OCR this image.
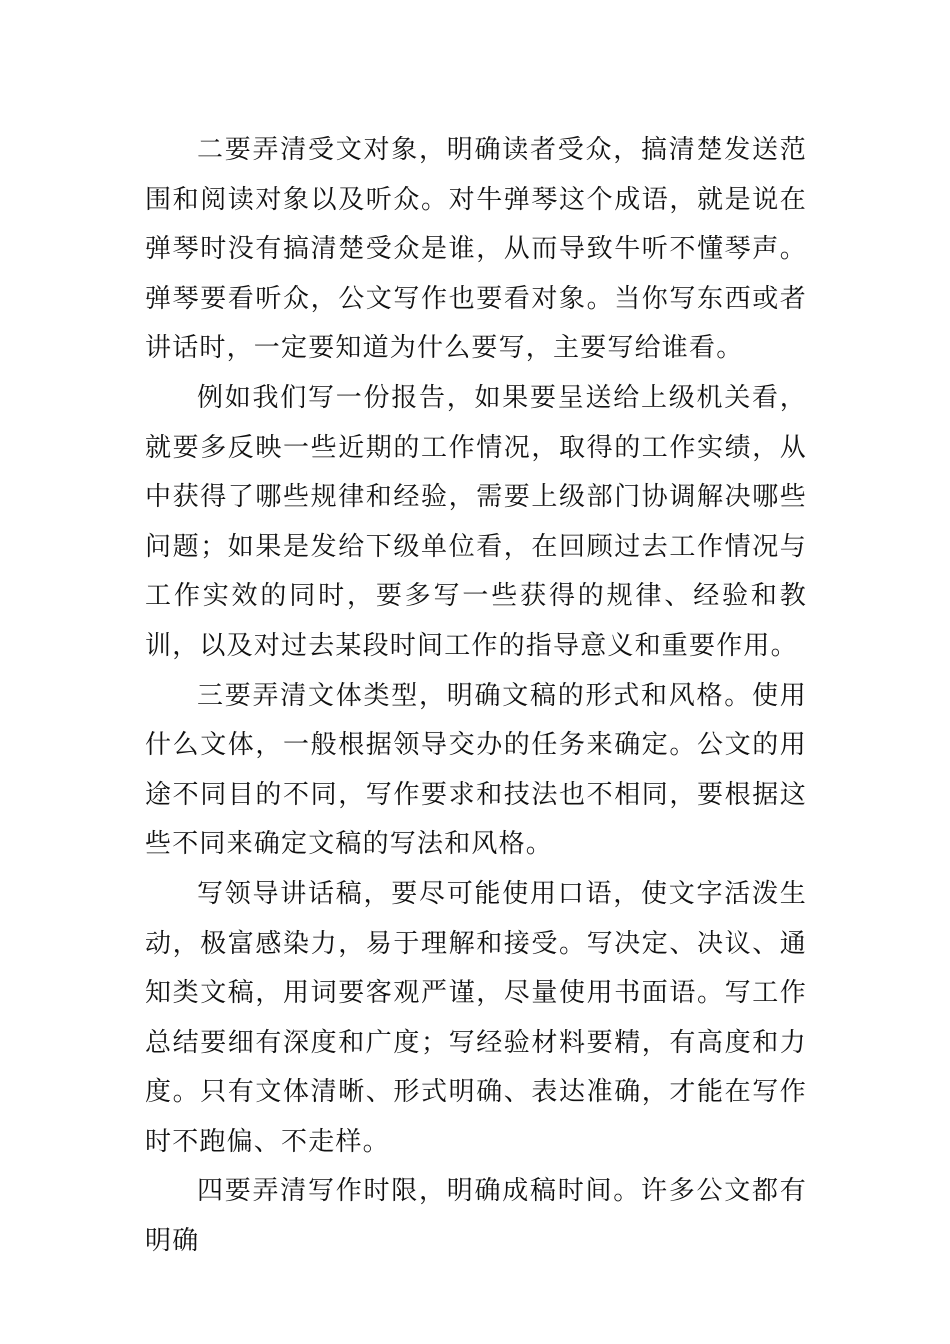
二要弄清受文对象，明确读者受众，搞清楚发送范围和阅读对象以及听众。对牛弹琴这个成语，就是说在弹琴时没有搞清楚受众是谁，从而导致牛听不懂琴声。弹琴要看听众，公文写作也要看对象。当你写东西或者讲话时，一定要知道为什么要写，主要写给谁看。

例如我们写一份报告，如果要呈送给上级机关看，就要多反映一些近期的工作情况，取得的工作实绩，从中获得了哪些规律和经验，需要上级部门协调解决哪些问题；如果是发给下级单位看，在回顾过去工作情况与工作实效的同时，要多写一些获得的规律、经验和教训，以及对过去某段时间工作的指导意义和重要作用。

三要弄清文体类型，明确文稿的形式和风格。使用什么文体，一般根据领导交办的任务来确定。公文的用途不同目的不同，写作要求和技法也不相同，要根据这些不同来确定文稿的写法和风格。

写领导讲话稿，要尽可能使用口语，使文字活泼生动，极富感染力，易于理解和接受。写决定、决议、通知类文稿，用词要客观严谨，尽量使用书面语。写工作总结要细有深度和广度；写经验材料要精，有高度和力度。只有文体清晰、形式明确、表达准确，才能在写作时不跑偏、不走样。

四要弄清写作时限，明确成稿时间。许多公文都有明确
